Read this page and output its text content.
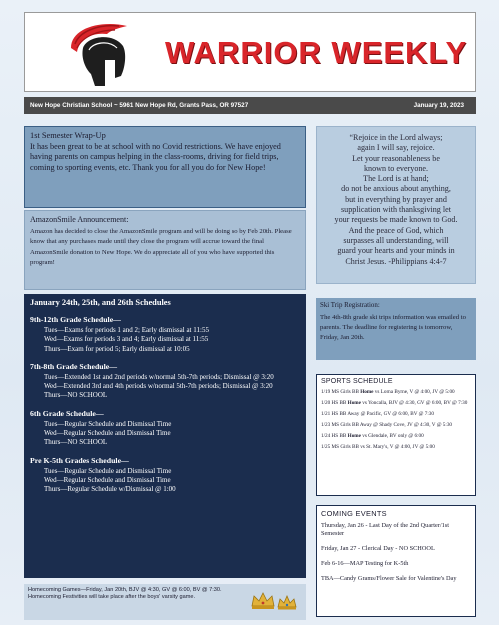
WARRIOR WEEKLY
New Hope Christian School ~ 5961 New Hope Rd, Grants Pass, OR 97527	January 19, 2023
1st Semester Wrap-Up

It has been great to be at school with no Covid restrictions. We have enjoyed having parents on campus helping in the class-rooms, driving for field trips, coming to sporting events, etc. Thank you for all you do for New Hope!

AmazonSmile Announcement:

Amazon has decided to close the AmazonSmile program and will be doing so by Feb 20th. Please know that any purchases made until they close the program will accrue toward the final AmazonSmile donation to New Hope. We do appreciate all of you who have supported this program!

“Rejoice in the Lord always;

again I will say, rejoice.

Let your reasonableness be

known to everyone.

The Lord is at hand;

do not be anxious about anything,

but in everything by prayer and

supplication with thanksgiving let

your requests be made known to God.

And the peace of God, which

surpasses all understanding, will

guard your hearts and your minds in

Christ Jesus. -Philippians 4:4-7

January 24th, 25th, and 26th Schedules
9th-12th Grade Schedule—
Tues—Exams for periods 1 and 2; Early dismissal at 11:55
Wed—Exams for periods 3 and 4; Early dismissal at 11:55
Thurs—Exam for period 5; Early dismissal at 10:05
7th-8th Grade Schedule—
Tues—Extended 1st and 2nd periods w/normal 5th-7th periods; Dismissal @ 3:20
Wed—Extended 3rd and 4th periods w/normal 5th-7th periods; Dismissal @ 3:20
Thurs—NO SCHOOL
6th Grade Schedule—
Tues—Regular Schedule and Dismissal Time
Wed—Regular Schedule and Dismissal Time
Thurs—NO SCHOOL
Pre K-5th Grades Schedule—
Tues—Regular Schedule and Dismissal Time
Wed—Regular Schedule and Dismissal Time
Thurs—Regular Schedule w/Dismissal @ 1:00

Homecoming Games—Friday, Jan 20th, BJV @ 4:30, GV @ 6:00, BV @ 7:30. Homecoming Festivities will take place after the boys' varsity game.

Ski Trip Registration:

The 4th-8th grade ski trips information was emailed to parents. The deadline for registering is tomorrow, Friday, Jan 20th.

SPORTS SCHEDULE
1/19 MS Girls BB Home vs Lorna Byrne, V @ 4:00, JV @ 5:00
1/20 HS BB Home vs Yoncalla, BJV @ 4:30, GV @ 6:00, BV @ 7:30
1/21 HS BB Away @ Pacific, GV @ 6:00, BV @ 7:30
1/23 MS Girls BB Away @ Shady Cove, JV @ 4:30, V @ 5:30
1/24 HS BB Home vs Glendale, BV only @ 6:00
1/25 MS Girls BB vs St. Mary's, V @ 4:00, JV @ 5:00
COMING EVENTS
Thursday, Jan 26 - Last Day of the 2nd Quarter/1st Semester
Friday, Jan 27 - Clerical Day - NO SCHOOL
Feb 6-16—MAP Testing for K-5th
TBA—Candy Grams/Flower Sale for Valentine's Day
